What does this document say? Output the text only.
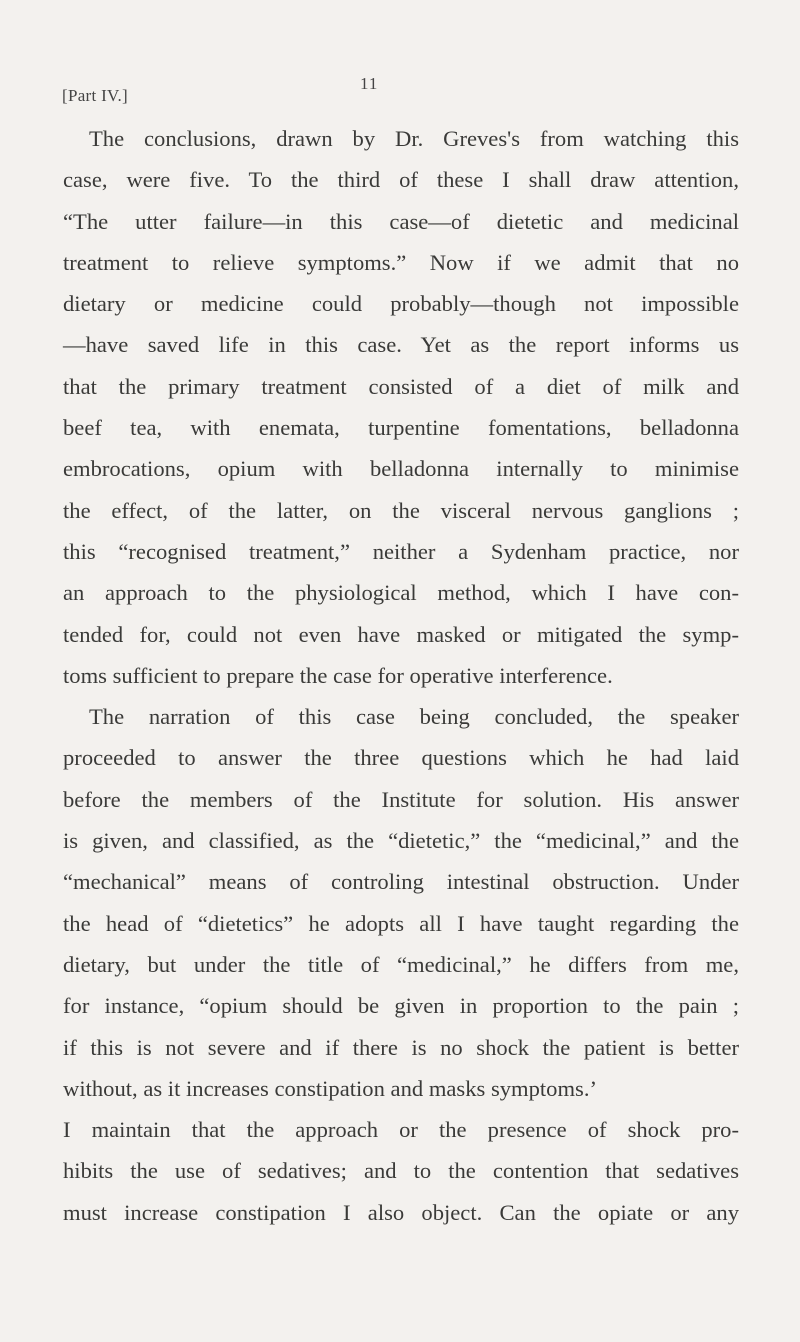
[Part IV.]
11
The conclusions, drawn by Dr. Greves's from watching this
case, were five. To the third of these I shall draw attention,
“The utter failure—in this case—of dietetic and medicinal
treatment to relieve symptoms.” Now if we admit that no
dietary or medicine could probably—though not impossible
—have saved life in this case. Yet as the report informs us
that the primary treatment consisted of a diet of milk and
beef tea, with enemata, turpentine fomentations, belladonna
embrocations, opium with belladonna internally to minimise
the effect, of the latter, on the visceral nervous ganglions ;
this “recognised treatment,” neither a Sydenham practice, nor
an approach to the physiological method, which I have con-
tended for, could not even have masked or mitigated the symp-
toms sufficient to prepare the case for operative interference.
The narration of this case being concluded, the speaker
proceeded to answer the three questions which he had laid
before the members of the Institute for solution. His answer
is given, and classified, as the “dietetic,” the “medicinal,” and the
“mechanical” means of controling intestinal obstruction. Under
the head of “dietetics” he adopts all I have taught regarding the
dietary, but under the title of “medicinal,” he differs from me,
for instance, “opium should be given in proportion to the pain ;
if this is not severe and if there is no shock the patient is better
without, as it increases constipation and masks symptoms.’
I maintain that the approach or the presence of shock pro-
hibits the use of sedatives; and to the contention that sedatives
must increase constipation I also object. Can the opiate or any
